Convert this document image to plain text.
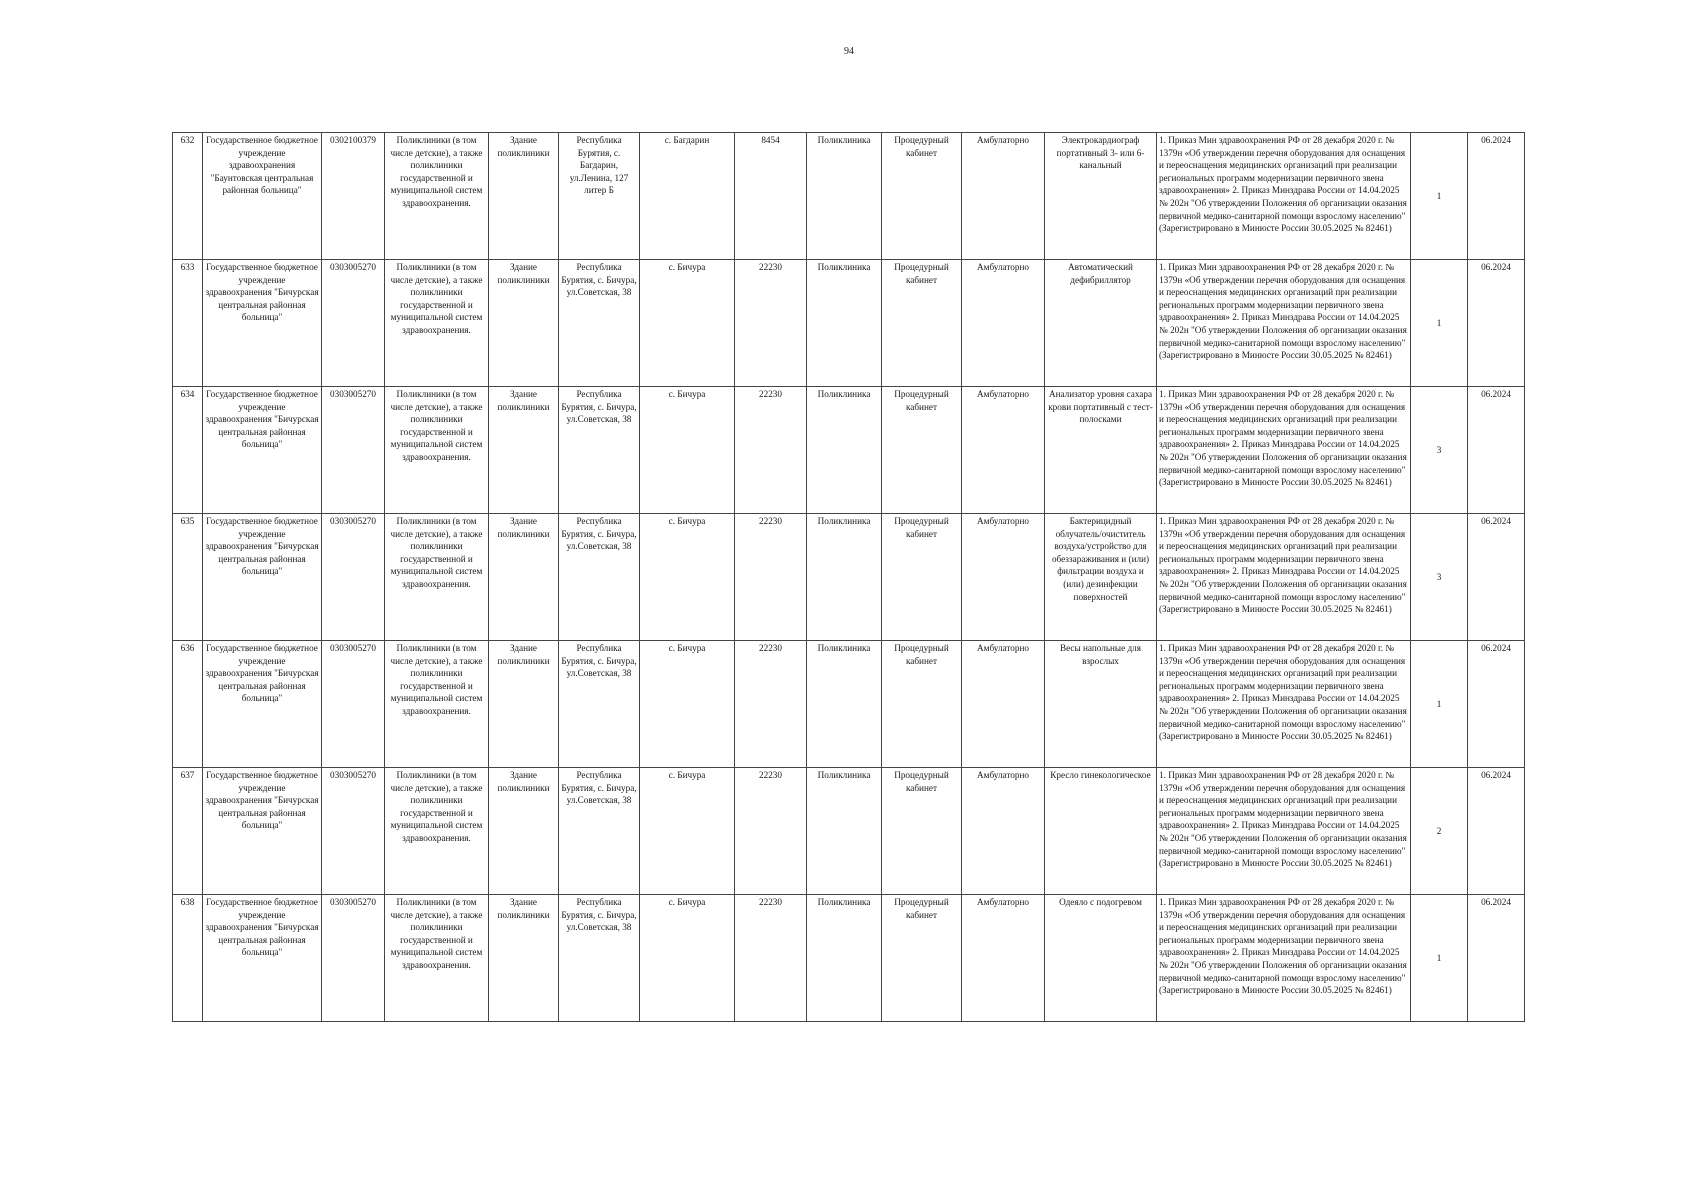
94
632	Государственное бюджетное учреждение здравоохранения "Баунтовская центральная районная больница"	0302100379	Поликлиники (в том числе детские), а также поликлиники государственной и муниципальной систем здравоохранения.	Здание поликлиники	Республика Бурятия, с. Багдарин, ул.Ленина, 127 литер Б	с. Багдарин	8454	Поликлиника	Процедурный кабинет	Амбулаторно	Электрокардиограф портативный 3- или 6-канальный	1. Приказ Мин здравоохранения РФ от 28 декабря 2020 г. № 1379н «Об утверждении перечня оборудования для оснащения и переоснащения медицинских организаций при реализации региональных программ модернизации первичного звена здравоохранения» 2. Приказ Минздрава России от 14.04.2025 № 202н "Об утверждении Положения об организации оказания первичной медико-санитарной помощи взрослому населению" (Зарегистрировано в Минюсте России 30.05.2025 № 82461)	1	06.2024
633	Государственное бюджетное учреждение здравоохранения "Бичурская центральная районная больница"	0303005270	Поликлиники (в том числе детские), а также поликлиники государственной и муниципальной систем здравоохранения.	Здание поликлиники	Республика Бурятия, с. Бичура, ул.Советская, 38	с. Бичура	22230	Поликлиника	Процедурный кабинет	Амбулаторно	Автоматический дефибриллятор	1. Приказ Мин здравоохранения РФ от 28 декабря 2020 г. № 1379н «Об утверждении перечня оборудования для оснащения и переоснащения медицинских организаций при реализации региональных программ модернизации первичного звена здравоохранения» 2. Приказ Минздрава России от 14.04.2025 № 202н "Об утверждении Положения об организации оказания первичной медико-санитарной помощи взрослому населению" (Зарегистрировано в Минюсте России 30.05.2025 № 82461)	1	06.2024
634	Государственное бюджетное учреждение здравоохранения "Бичурская центральная районная больница"	0303005270	Поликлиники (в том числе детские), а также поликлиники государственной и муниципальной систем здравоохранения.	Здание поликлиники	Республика Бурятия, с. Бичура, ул.Советская, 38	с. Бичура	22230	Поликлиника	Процедурный кабинет	Амбулаторно	Анализатор уровня сахара крови портативный с тест-полосками	1. Приказ Мин здравоохранения РФ от 28 декабря 2020 г. № 1379н «Об утверждении перечня оборудования для оснащения и переоснащения медицинских организаций при реализации региональных программ модернизации первичного звена здравоохранения» 2. Приказ Минздрава России от 14.04.2025 № 202н "Об утверждении Положения об организации оказания первичной медико-санитарной помощи взрослому населению" (Зарегистрировано в Минюсте России 30.05.2025 № 82461)	3	06.2024
635	Государственное бюджетное учреждение здравоохранения "Бичурская центральная районная больница"	0303005270	Поликлиники (в том числе детские), а также поликлиники государственной и муниципальной систем здравоохранения.	Здание поликлиники	Республика Бурятия, с. Бичура, ул.Советская, 38	с. Бичура	22230	Поликлиника	Процедурный кабинет	Амбулаторно	Бактерицидный облучатель/очиститель воздуха/устройство для обеззараживания и (или) фильтрации воздуха и (или) дезинфекции поверхностей	1. Приказ Мин здравоохранения РФ от 28 декабря 2020 г. № 1379н «Об утверждении перечня оборудования для оснащения и переоснащения медицинских организаций при реализации региональных программ модернизации первичного звена здравоохранения» 2. Приказ Минздрава России от 14.04.2025 № 202н "Об утверждении Положения об организации оказания первичной медико-санитарной помощи взрослому населению" (Зарегистрировано в Минюсте России 30.05.2025 № 82461)	3	06.2024
636	Государственное бюджетное учреждение здравоохранения "Бичурская центральная районная больница"	0303005270	Поликлиники (в том числе детские), а также поликлиники государственной и муниципальной систем здравоохранения.	Здание поликлиники	Республика Бурятия, с. Бичура, ул.Советская, 38	с. Бичура	22230	Поликлиника	Процедурный кабинет	Амбулаторно	Весы напольные для взрослых	1. Приказ Мин здравоохранения РФ от 28 декабря 2020 г. № 1379н «Об утверждении перечня оборудования для оснащения и переоснащения медицинских организаций при реализации региональных программ модернизации первичного звена здравоохранения» 2. Приказ Минздрава России от 14.04.2025 № 202н "Об утверждении Положения об организации оказания первичной медико-санитарной помощи взрослому населению" (Зарегистрировано в Минюсте России 30.05.2025 № 82461)	1	06.2024
637	Государственное бюджетное учреждение здравоохранения "Бичурская центральная районная больница"	0303005270	Поликлиники (в том числе детские), а также поликлиники государственной и муниципальной систем здравоохранения.	Здание поликлиники	Республика Бурятия, с. Бичура, ул.Советская, 38	с. Бичура	22230	Поликлиника	Процедурный кабинет	Амбулаторно	Кресло гинекологическое	1. Приказ Мин здравоохранения РФ от 28 декабря 2020 г. № 1379н «Об утверждении перечня оборудования для оснащения и переоснащения медицинских организаций при реализации региональных программ модернизации первичного звена здравоохранения» 2. Приказ Минздрава России от 14.04.2025 № 202н "Об утверждении Положения об организации оказания первичной медико-санитарной помощи взрослому населению" (Зарегистрировано в Минюсте России 30.05.2025 № 82461)	2	06.2024
638	Государственное бюджетное учреждение здравоохранения "Бичурская центральная районная больница"	0303005270	Поликлиники (в том числе детские), а также поликлиники государственной и муниципальной систем здравоохранения.	Здание поликлиники	Республика Бурятия, с. Бичура, ул.Советская, 38	с. Бичура	22230	Поликлиника	Процедурный кабинет	Амбулаторно	Одеяло с подогревом	1. Приказ Мин здравоохранения РФ от 28 декабря 2020 г. № 1379н «Об утверждении перечня оборудования для оснащения и переоснащения медицинских организаций при реализации региональных программ модернизации первичного звена здравоохранения» 2. Приказ Минздрава России от 14.04.2025 № 202н "Об утверждении Положения об организации оказания первичной медико-санитарной помощи взрослому населению" (Зарегистрировано в Минюсте России 30.05.2025 № 82461)	1	06.2024
